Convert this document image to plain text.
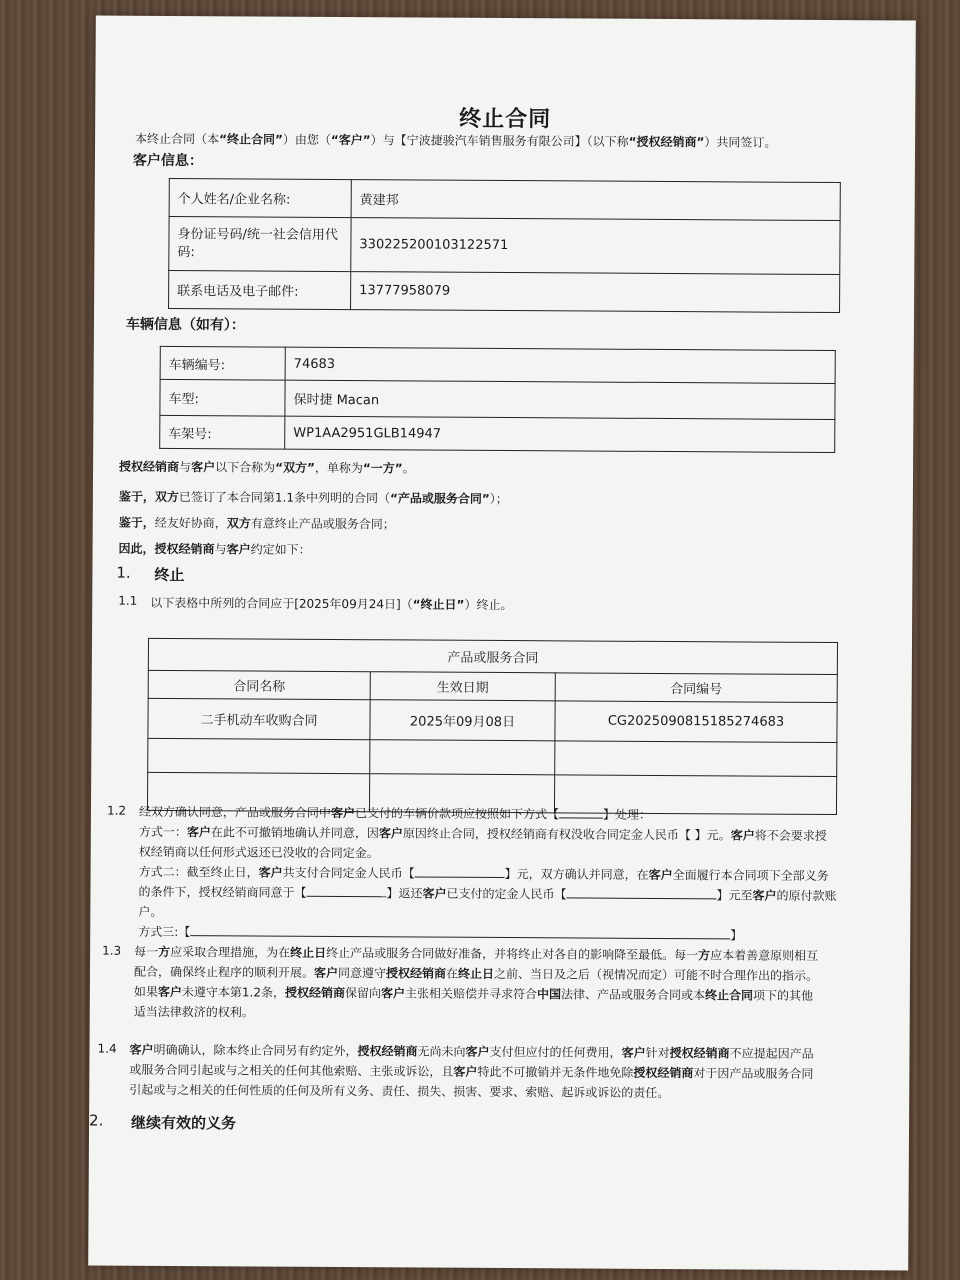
终止合同
本终止合同（本“终止合同”）由您（“客户”）与【宁波捷骏汽车销售服务有限公司】（以下称“授权经销商”）共同签订。
客户信息：
个人姓名/企业名称:	黄建邦
身份证号码/统一社会信用代码:	330225200103122571
联系电话及电子邮件:	13777958079
车辆信息（如有）：
车辆编号:	74683
车型:	保时捷 Macan
车架号:	WP1AA2951GLB14947
授权经销商与客户以下合称为“双方”，单称为“一方”。
鉴于，双方已签订了本合同第1.1条中列明的合同（“产品或服务合同”）；
鉴于，经友好协商，双方有意终止产品或服务合同；
因此，授权经销商与客户约定如下：
1. 终止
1.1 以下表格中所列的合同应于[2025年09月24日]（“终止日”）终止。
产品或服务合同		
合同名称	生效日期	合同编号
二手机动车收购合同	2025年09月08日	CG2025090815185274683

1.2 经双方确认同意，产品或服务合同中客户已支付的车辆价款项应按照如下方式【	】处理：
方式一：客户在此不可撤销地确认并同意，因客户原因终止合同，授权经销商有权没收合同定金人民币【 】元。客户将不会要求授
权经销商以任何形式返还已没收的合同定金。
方式二：截至终止日，客户共支付合同定金人民币【	】元，双方确认并同意，在客户全面履行本合同项下全部义务
的条件下，授权经销商同意于【	】返还客户已支付的定金人民币【	】元至客户的原付款账
户。
方式三:【	】
1.3 每一方应采取合理措施，为在终止日终止产品或服务合同做好准备，并将终止对各自的影响降至最低。每一方应本着善意原则相互
配合，确保终止程序的顺利开展。客户同意遵守授权经销商在终止日之前、当日及之后（视情况而定）可能不时合理作出的指示。
如果客户未遵守本第1.2条，授权经销商保留向客户主张相关赔偿并寻求符合中国法律、产品或服务合同或本终止合同项下的其他
适当法律救济的权利。
1.4 客户明确确认，除本终止合同另有约定外，授权经销商无尚未向客户支付但应付的任何费用，客户针对授权经销商不应提起因产品
或服务合同引起或与之相关的任何其他索赔、主张或诉讼，且客户特此不可撤销并无条件地免除授权经销商对于因产品或服务合同
引起或与之相关的任何性质的任何及所有义务、责任、损失、损害、要求、索赔、起诉或诉讼的责任。
2. 继续有效的义务
